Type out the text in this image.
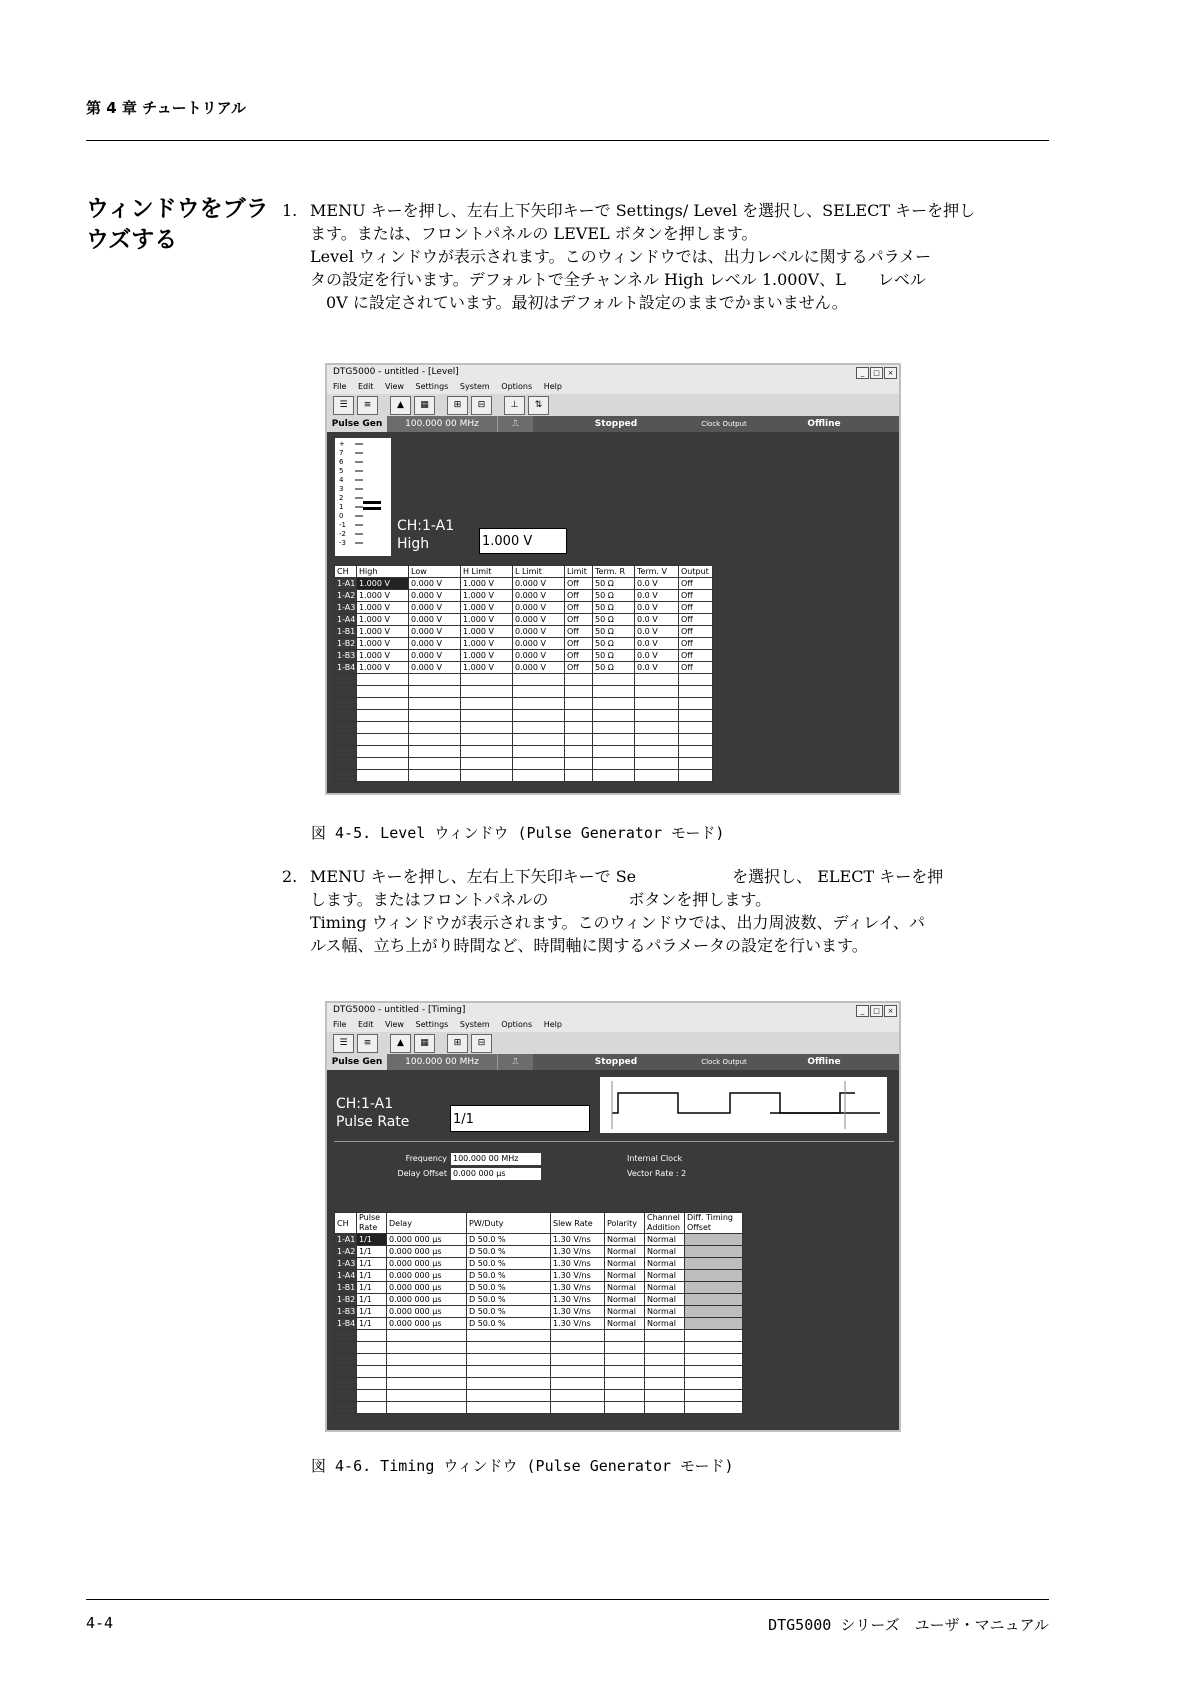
第 4 章 チュートリアル
ウィンドウをブラウズする
1. MENU キーを押し、左右上下矢印キーで Settings/ Level を選択し、SELECT キーを押し

ます。または、フロントパネルの LEVEL ボタンを押します。

Level ウィンドウが表示されます。このウィンドウでは、出力レベルに関するパラメー

タの設定を行います。デフォルトで全チャンネル High レベル 1.000V、L　　レベル

　0V に設定されています。最初はデフォルト設定のままでかまいません。

DTG5000 - untitled - [Level]	_	□	×
File Edit View Settings System Options Help
☰	≡	▲	▦	⊞	⊟	⊥	⇅
Pulse Gen	100.000 00 MHz	⎍	Stopped	Clock Output	Offline
+
7
6
5
4
3
2
1
0
-1
-2
-3
CH:1-A1
High	1.000 V
CH	High	Low	H Limit	L Limit	Limit	Term. R	Term. V	Output
1-A1	1.000 V	0.000 V	1.000 V	0.000 V	Off	50 Ω	0.0 V	Off
1-A2	1.000 V	0.000 V	1.000 V	0.000 V	Off	50 Ω	0.0 V	Off
1-A3	1.000 V	0.000 V	1.000 V	0.000 V	Off	50 Ω	0.0 V	Off
1-A4	1.000 V	0.000 V	1.000 V	0.000 V	Off	50 Ω	0.0 V	Off
1-B1	1.000 V	0.000 V	1.000 V	0.000 V	Off	50 Ω	0.0 V	Off
1-B2	1.000 V	0.000 V	1.000 V	0.000 V	Off	50 Ω	0.0 V	Off
1-B3	1.000 V	0.000 V	1.000 V	0.000 V	Off	50 Ω	0.0 V	Off
1-B4	1.000 V	0.000 V	1.000 V	0.000 V	Off	50 Ω	0.0 V	Off

図 4-5. Level ウィンドウ (Pulse Generator モード)
2. MENU キーを押し、左右上下矢印キーで Se　　　　　　を選択し、 ELECT キーを押

します。またはフロントパネルの　　　　　ボタンを押します。

Timing ウィンドウが表示されます。このウィンドウでは、出力周波数、ディレイ、パ

ルス幅、立ち上がり時間など、時間軸に関するパラメータの設定を行います。

DTG5000 - untitled - [Timing]	_	□	×
File Edit View Settings System Options Help
☰	≡	▲	▦	⊞	⊟
Pulse Gen	100.000 00 MHz	⎍	Stopped	Clock Output	Offline
CH:1-A1
Pulse Rate	1/1
Frequency 100.000 00 MHz
Delay Offset 0.000 000 µs
Internal Clock
Vector Rate : 2
CH	Pulse Rate	Delay	PW/Duty	Slew Rate	Polarity	Channel Addition	Diff. Timing Offset
1-A1	1/1	0.000 000 µs	D 50.0 %	1.30 V/ns	Normal	Normal	
1-A2	1/1	0.000 000 µs	D 50.0 %	1.30 V/ns	Normal	Normal	
1-A3	1/1	0.000 000 µs	D 50.0 %	1.30 V/ns	Normal	Normal	
1-A4	1/1	0.000 000 µs	D 50.0 %	1.30 V/ns	Normal	Normal	
1-B1	1/1	0.000 000 µs	D 50.0 %	1.30 V/ns	Normal	Normal	
1-B2	1/1	0.000 000 µs	D 50.0 %	1.30 V/ns	Normal	Normal	
1-B3	1/1	0.000 000 µs	D 50.0 %	1.30 V/ns	Normal	Normal	
1-B4	1/1	0.000 000 µs	D 50.0 %	1.30 V/ns	Normal	Normal	

図 4-6. Timing ウィンドウ (Pulse Generator モード)
4-4	DTG5000 シリーズ　ユーザ・マニュアル
